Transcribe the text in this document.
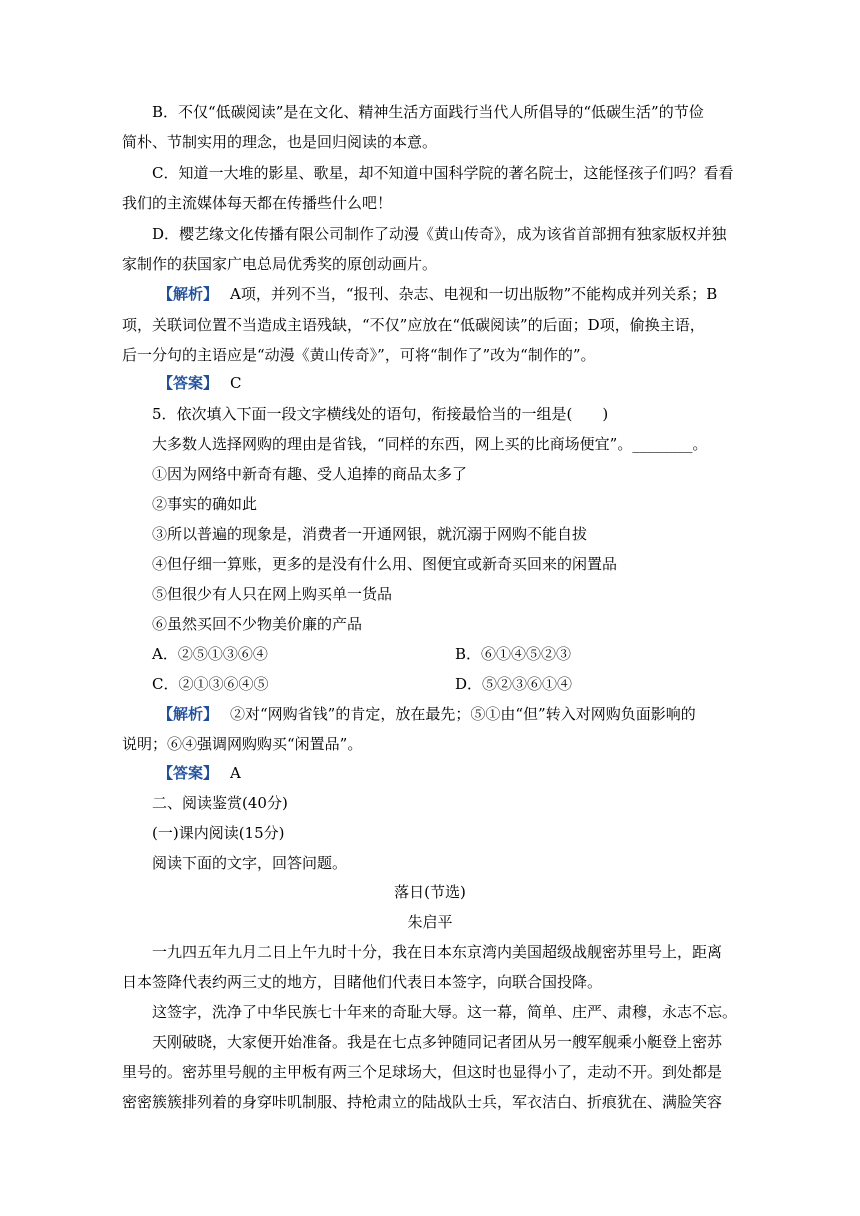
B．不仅“低碳阅读”是在文化、精神生活方面践行当代人所倡导的“低碳生活”的节俭
简朴、节制实用的理念，也是回归阅读的本意。
C．知道一大堆的影星、歌星，却不知道中国科学院的著名院士，这能怪孩子们吗？看看
我们的主流媒体每天都在传播些什么吧！
D．樱艺缘文化传播有限公司制作了动漫《黄山传奇》，成为该省首部拥有独家版权并独
家制作的获国家广电总局优秀奖的原创动画片。
【解析】 A项，并列不当，“报刊、杂志、电视和一切出版物”不能构成并列关系；B
项，关联词位置不当造成主语残缺，“不仅”应放在“低碳阅读”的后面；D项，偷换主语，
后一分句的主语应是“动漫《黄山传奇》”，可将“制作了”改为“制作的”。
【答案】 C
5．依次填入下面一段文字横线处的语句，衔接最恰当的一组是(　　)
大多数人选择网购的理由是省钱，“同样的东西，网上买的比商场便宜”。________。
①因为网络中新奇有趣、受人追捧的商品太多了
②事实的确如此
③所以普遍的现象是，消费者一开通网银，就沉溺于网购不能自拔
④但仔细一算账，更多的是没有什么用、图便宜或新奇买回来的闲置品
⑤但很少有人只在网上购买单一货品
⑥虽然买回不少物美价廉的产品
A．②⑤①③⑥④	B．⑥①④⑤②③
C．②①③⑥④⑤	D．⑤②③⑥①④
【解析】 ②对“网购省钱”的肯定，放在最先；⑤①由“但”转入对网购负面影响的
说明；⑥④强调网购购买“闲置品”。
【答案】 A
二、阅读鉴赏(40分)
(一)课内阅读(15分)
阅读下面的文字，回答问题。
落日(节选)
朱启平
一九四五年九月二日上午九时十分，我在日本东京湾内美国超级战舰密苏里号上，距离
日本签降代表约两三丈的地方，目睹他们代表日本签字，向联合国投降。
这签字，洗净了中华民族七十年来的奇耻大辱。这一幕，简单、庄严、肃穆，永志不忘。
天刚破晓，大家便开始准备。我是在七点多钟随同记者团从另一艘军舰乘小艇登上密苏
里号的。密苏里号舰的主甲板有两三个足球场大，但这时也显得小了，走动不开。到处都是
密密簇簇排列着的身穿咔叽制服、持枪肃立的陆战队士兵，军衣洁白、折痕犹在、满脸笑容
